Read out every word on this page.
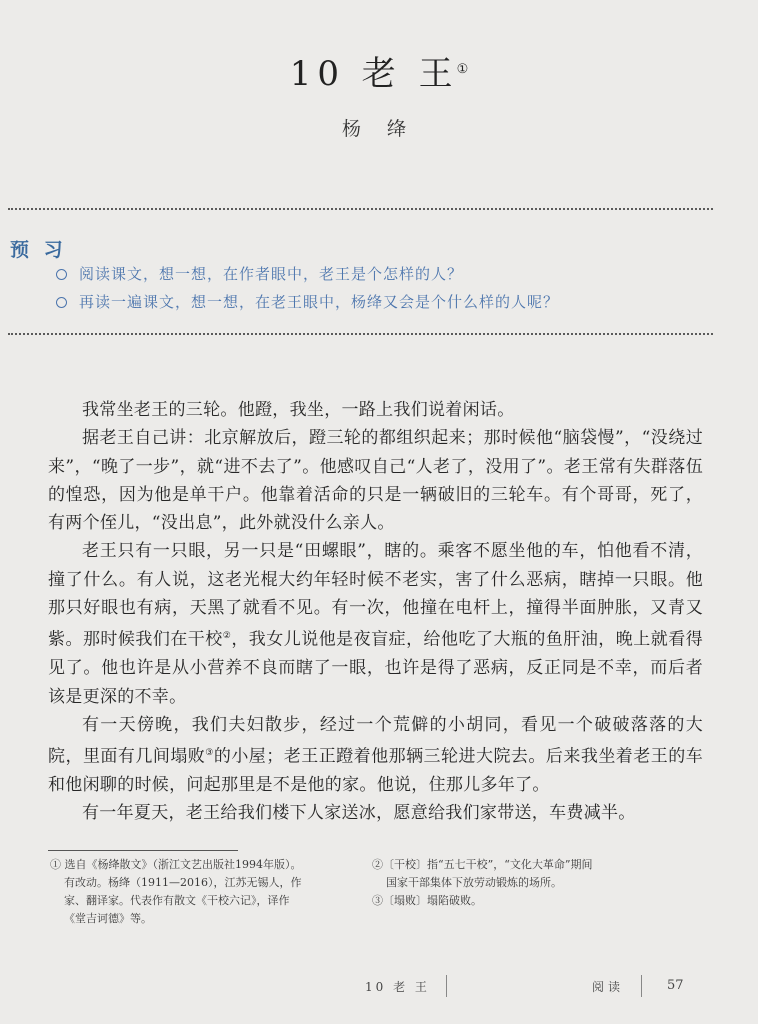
10 老 王①
杨 绛
预 习
阅读课文，想一想，在作者眼中，老王是个怎样的人？
再读一遍课文，想一想，在老王眼中，杨绛又会是个什么样的人呢？

我常坐老王的三轮。他蹬，我坐，一路上我们说着闲话。

据老王自己讲：北京解放后，蹬三轮的都组织起来；那时候他“脑袋慢”，“没绕过来”，“晚了一步”，就“进不去了”。他感叹自己“人老了，没用了”。老王常有失群落伍的惶恐，因为他是单干户。他靠着活命的只是一辆破旧的三轮车。有个哥哥，死了，有两个侄儿，“没出息”，此外就没什么亲人。

老王只有一只眼，另一只是“田螺眼”，瞎的。乘客不愿坐他的车，怕他看不清，撞了什么。有人说，这老光棍大约年轻时候不老实，害了什么恶病，瞎掉一只眼。他那只好眼也有病，天黑了就看不见。有一次，他撞在电杆上，撞得半面肿胀，又青又紫。那时候我们在干校②，我女儿说他是夜盲症，给他吃了大瓶的鱼肝油，晚上就看得见了。他也许是从小营养不良而瞎了一眼，也许是得了恶病，反正同是不幸，而后者该是更深的不幸。

有一天傍晚，我们夫妇散步，经过一个荒僻的小胡同，看见一个破破落落的大院，里面有几间塌败③的小屋；老王正蹬着他那辆三轮进大院去。后来我坐着老王的车和他闲聊的时候，问起那里是不是他的家。他说，住那儿多年了。

有一年夏天，老王给我们楼下人家送冰，愿意给我们家带送，车费减半。

① 选自《杨绛散文》（浙江文艺出版社1994年版）。
有改动。杨绛（1911—2016），江苏无锡人，作
家、翻译家。代表作有散文《干校六记》，译作
《堂吉诃德》等。
②〔干校〕指“五七干校”，“文化大革命”期间
国家干部集体下放劳动锻炼的场所。
③〔塌败〕塌陷破败。
10 老 王	阅读	57
